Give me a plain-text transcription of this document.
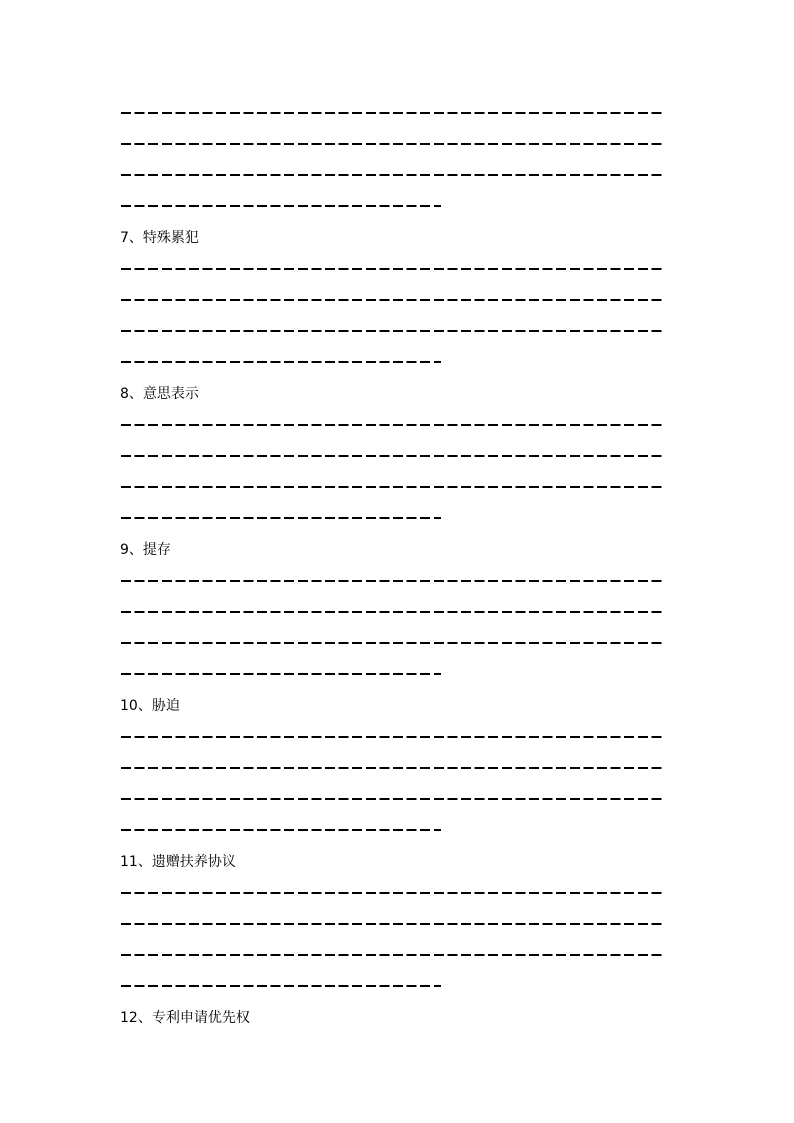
7、特殊累犯
8、意思表示
9、提存
10、胁迫
11、遗赠扶养协议
12、专利申请优先权
